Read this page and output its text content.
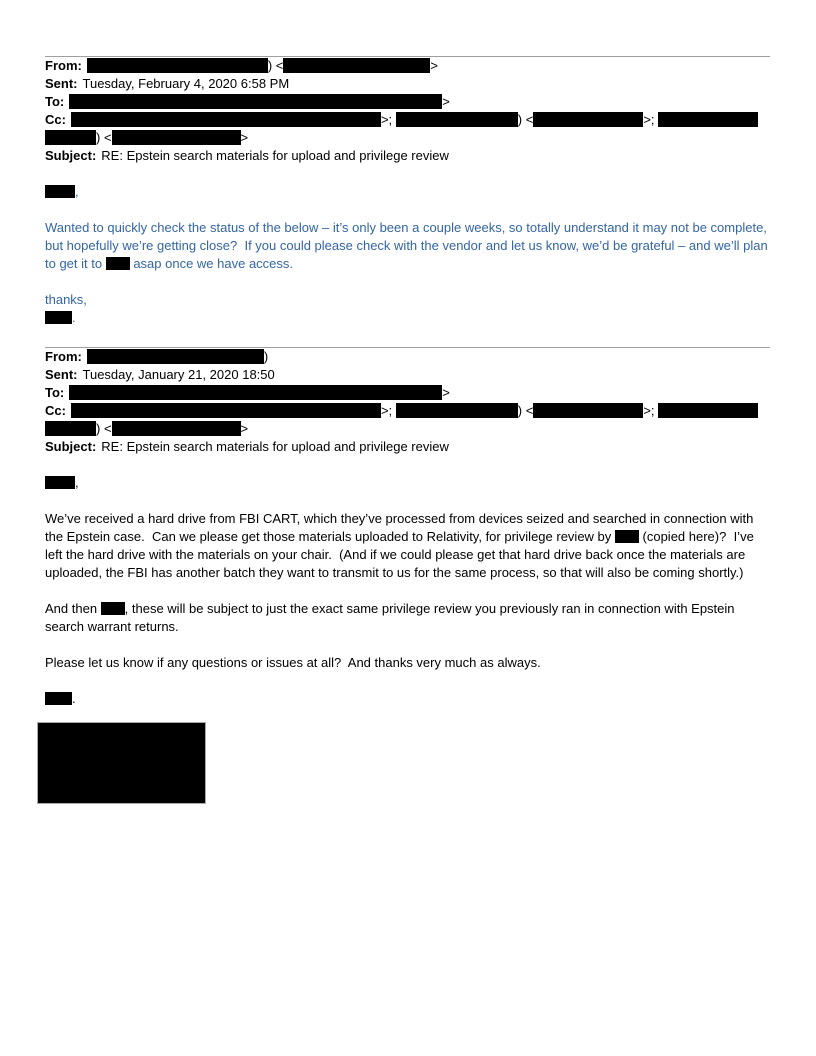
From:	) <	>
Sent: Tuesday, February 4, 2020 6:58 PM
To:	>
Cc:	>;	) <	>;
) <	>
Subject: RE: Epstein search materials for upload and privilege review
,
Wanted to quickly check the status of the below – it’s only been a couple weeks, so totally understand it may not be complete, but hopefully we’re getting close?  If you could please check with the vendor and let us know, we’d be grateful – and we’ll plan to get it to  asap once we have access.
thanks,
.
From:	)
Sent: Tuesday, January 21, 2020 18:50
To:	>
Cc:	>;	) <	>;
) <	>
Subject: RE: Epstein search materials for upload and privilege review
,
We’ve received a hard drive from FBI CART, which they’ve processed from devices seized and searched in connection with the Epstein case.  Can we please get those materials uploaded to Relativity, for privilege review by  (copied here)?  I’ve left the hard drive with the materials on your chair.  (And if we could please get that hard drive back once the materials are uploaded, the FBI has another batch they want to transmit to us for the same process, so that will also be coming shortly.)
And then , these will be subject to just the exact same privilege review you previously ran in connection with Epstein search warrant returns.
Please let us know if any questions or issues at all?  And thanks very much as always.
.
